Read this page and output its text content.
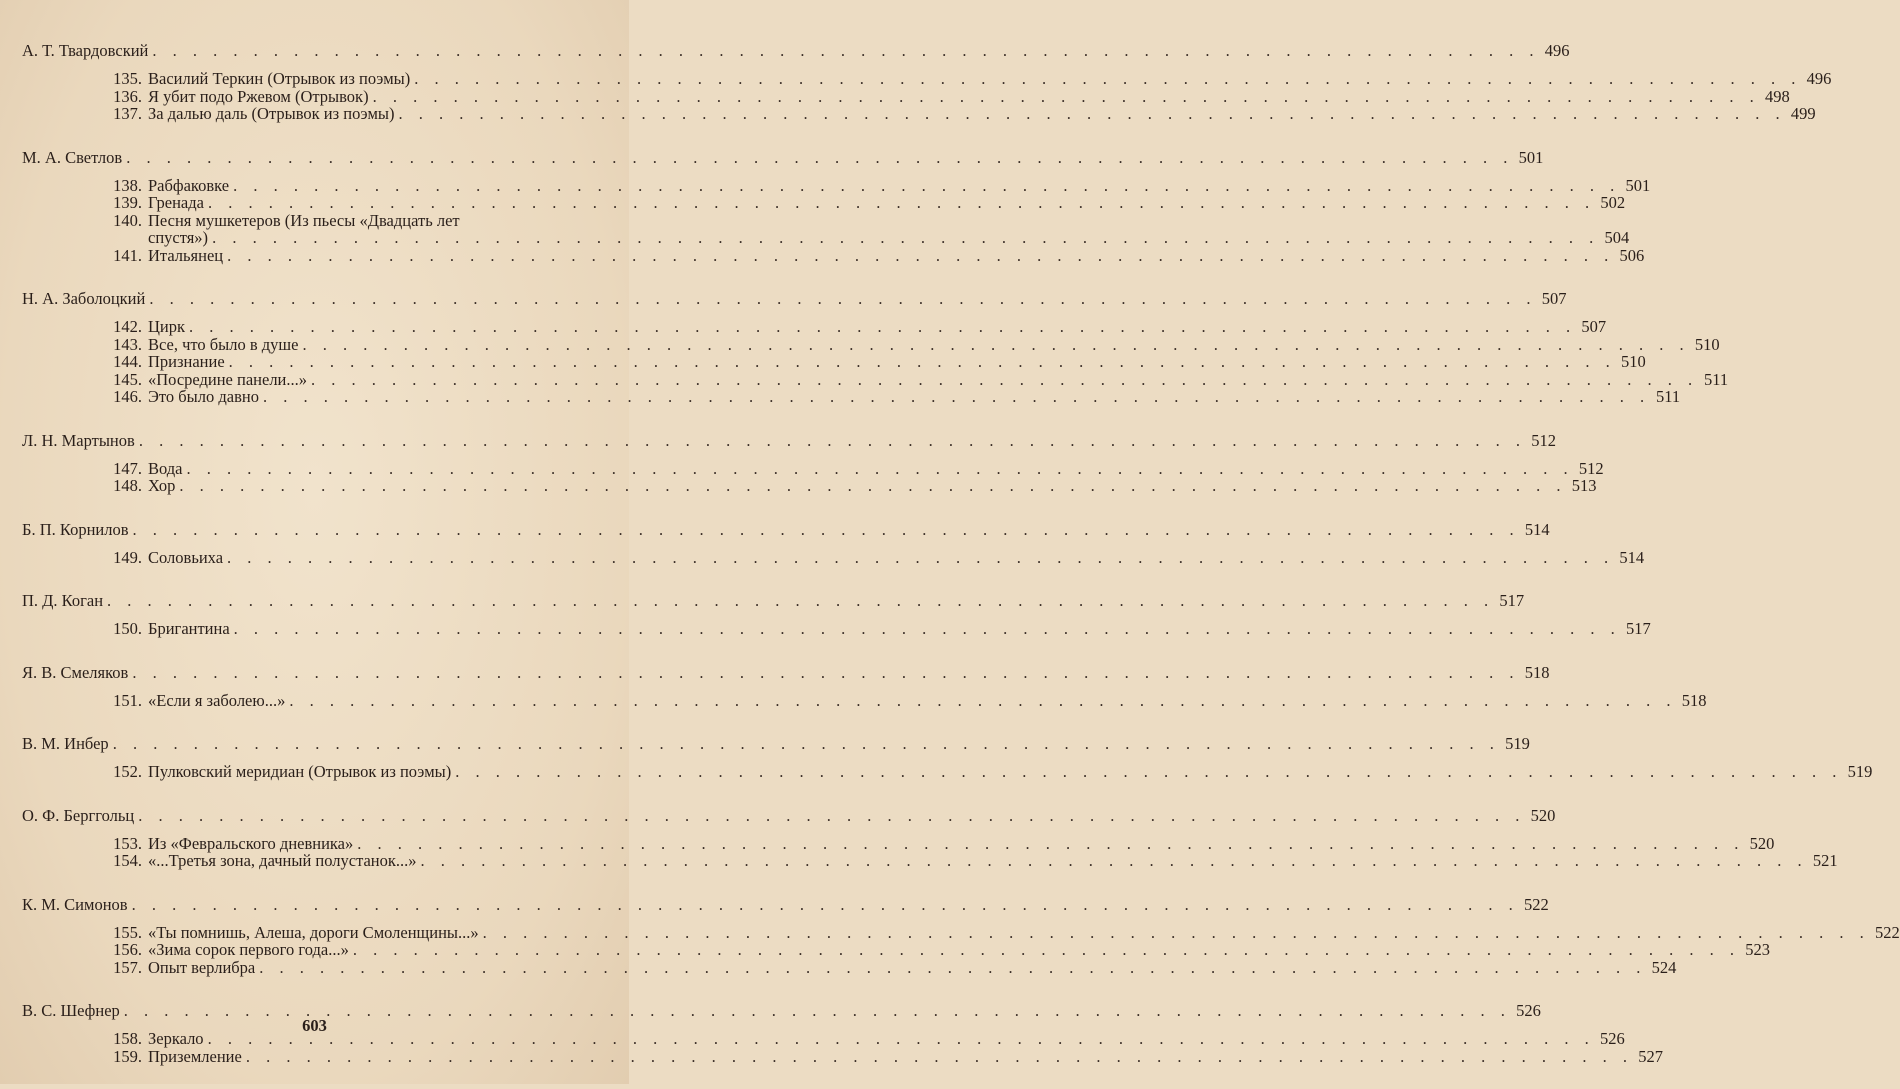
А. Т. Твардовский . . .	496
135. Василий Теркин (Отрывок из поэмы) . . .	496
136. Я убит подо Ржевом (Отрывок) . . .	498
137. За далью даль (Отрывок из поэмы) . . .	499
М. А. Светлов . . .	501
138. Рабфаковке . . .	501
139. Гренада . . .	502
140. Песня мушкетеров (Из пьесы «Двадцать лет
спустя») . . .	504
141. Итальянец . . .	506
Н. А. Заболоцкий . . .	507
142. Цирк . . .	507
143. Все, что было в душе . . .	510
144. Признание . . .	510
145. «Посредине панели...» . . .	511
146. Это было давно . . .	511
Л. Н. Мартынов . . .	512
147. Вода . . .	512
148. Хор . . .	513
Б. П. Корнилов . . .	514
149. Соловьиха . . .	514
П. Д. Коган . . .	517
150. Бригантина . . .	517
Я. В. Смеляков . . .	518
151. «Если я заболею...» . . .	518
В. М. Инбер . . .	519
152. Пулковский меридиан (Отрывок из поэмы) . . .	519
О. Ф. Берггольц . . .	520
153. Из «Февральского дневника» . . .	520
154. «...Третья зона, дачный полустанок...» . . .	521
К. М. Симонов . . .	522
155. «Ты помнишь, Алеша, дороги Смоленщины...» . . .	522
156. «Зима сорок первого года...» . . .	523
157. Опыт верлибра . . .	524
В. С. Шефнер . . .	526
158. Зеркало . . .	526
159. Приземление . . .	527
603
